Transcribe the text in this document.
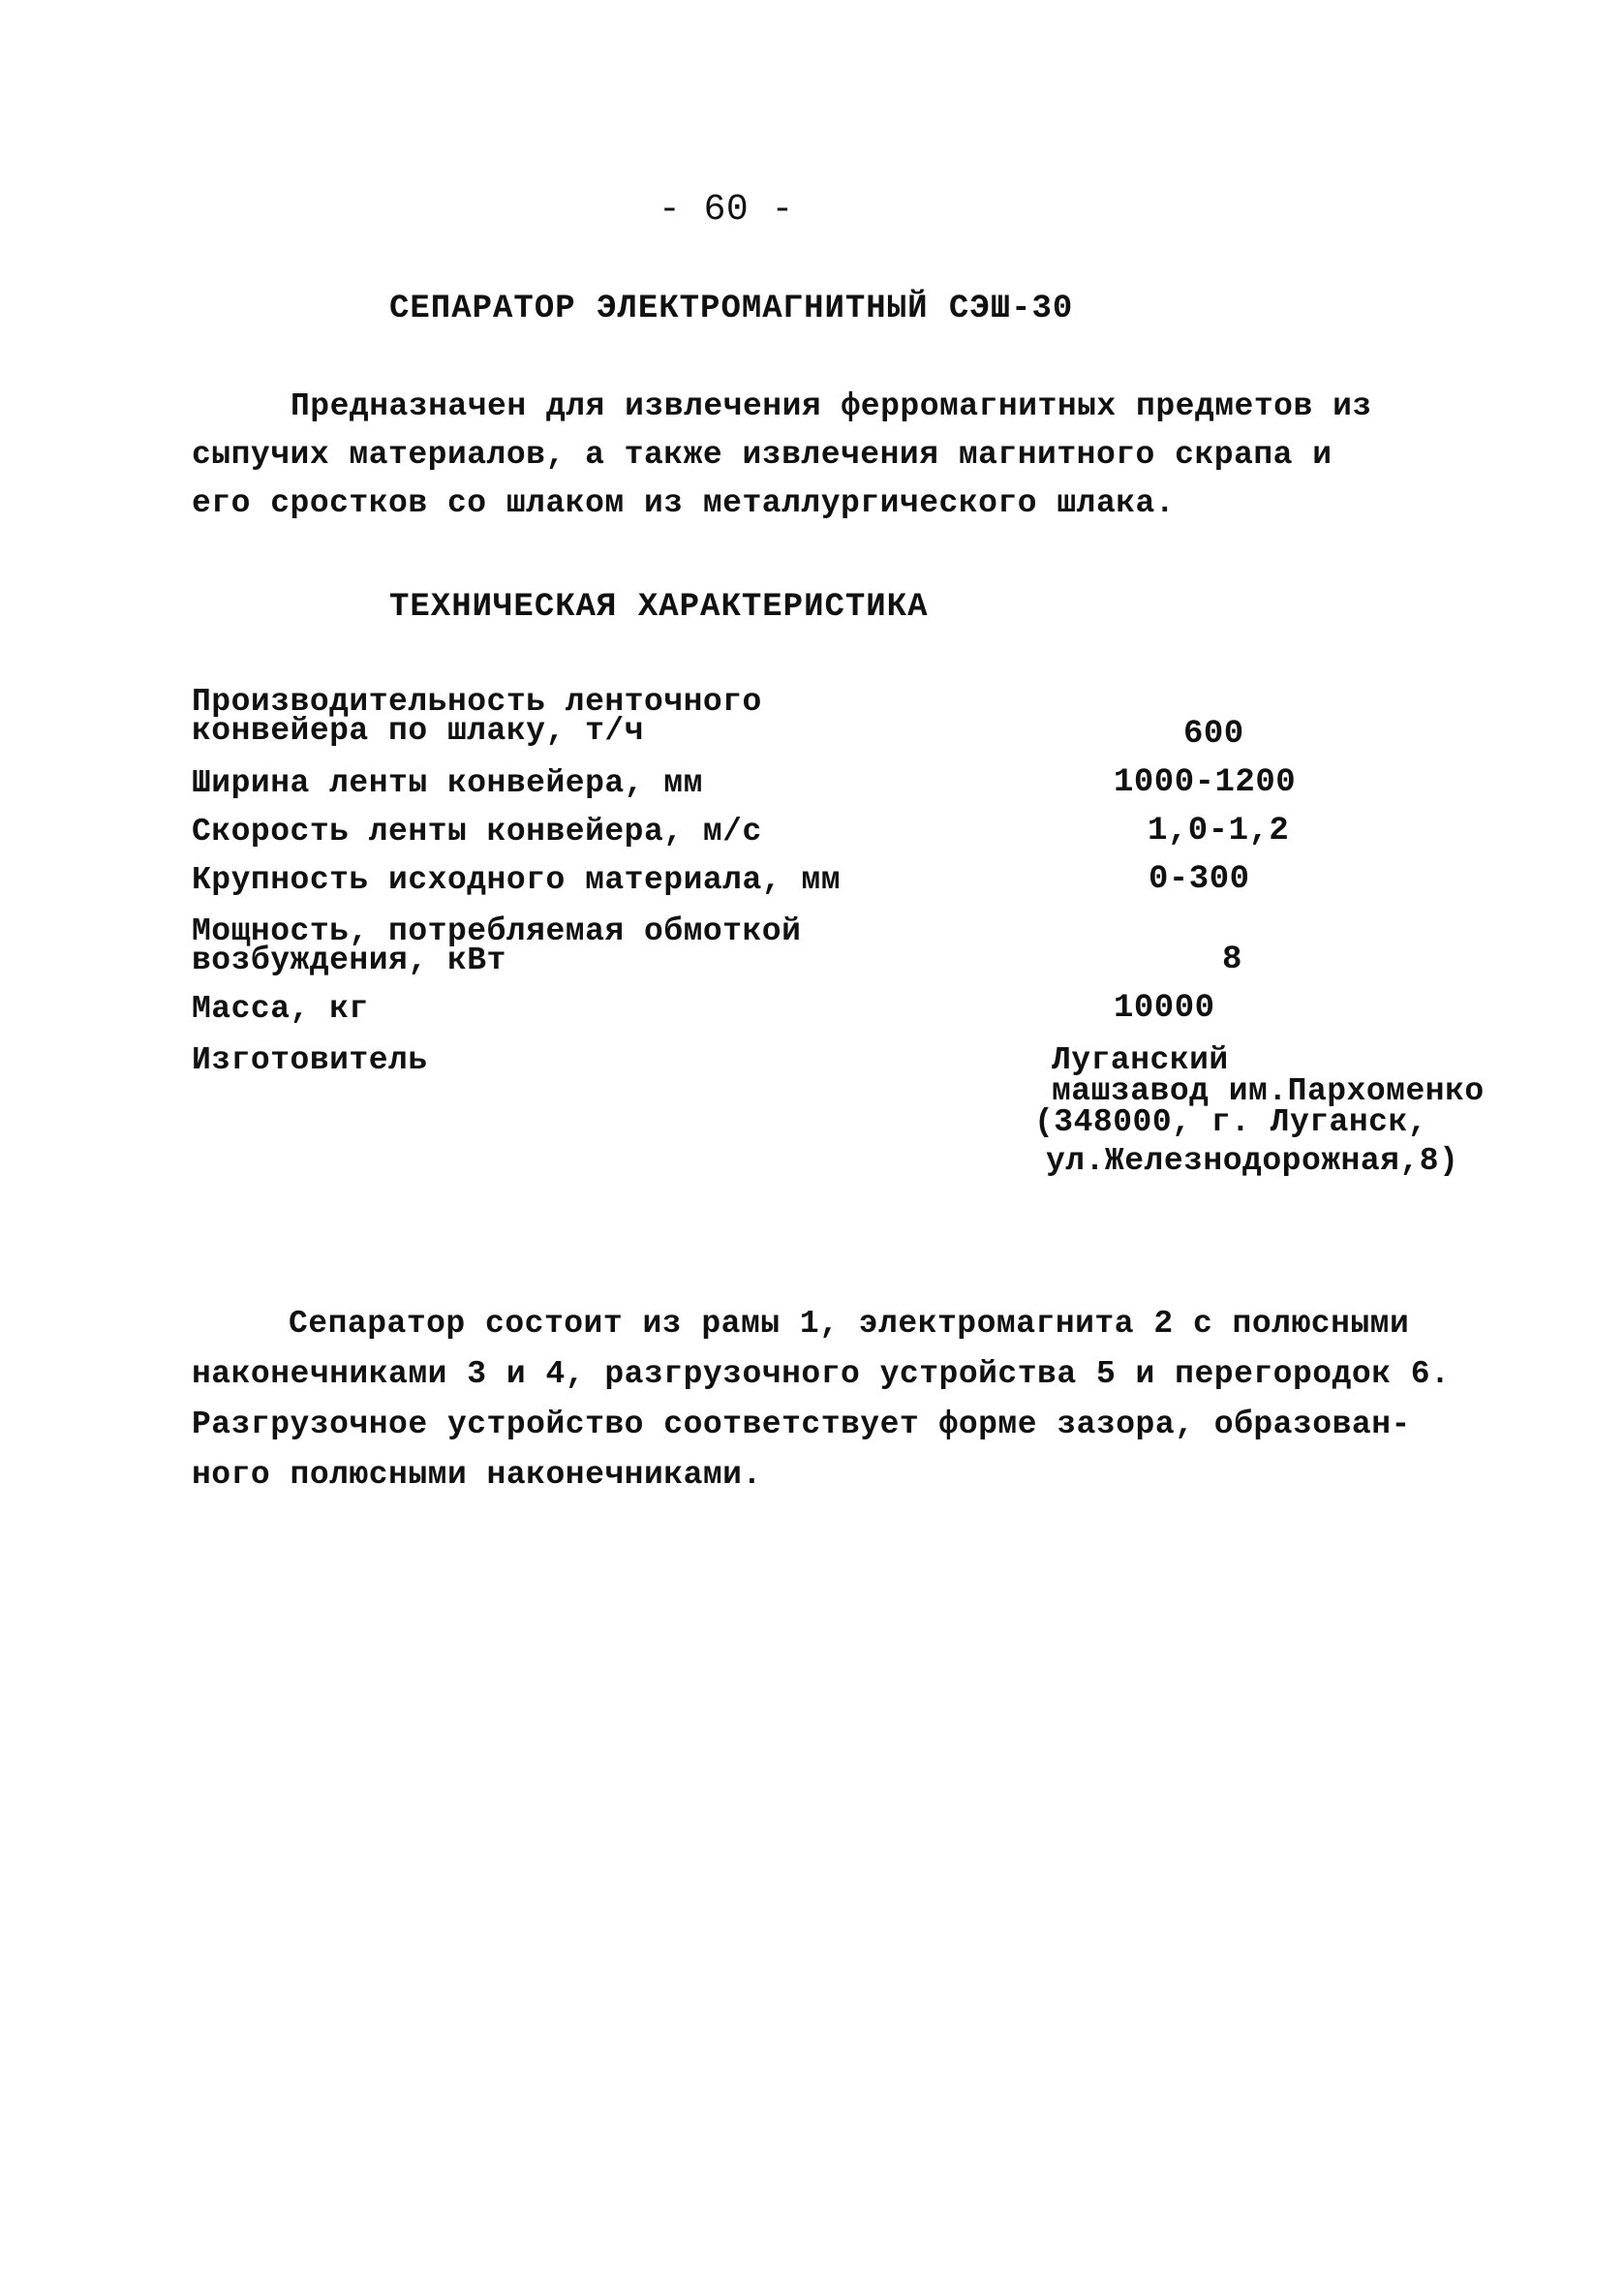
- 60 -
СЕПАРАТОР ЭЛЕКТРОМАГНИТНЫЙ СЭШ-30
Предназначен для извлечения ферромагнитных предметов из
сыпучих материалов, а также извлечения магнитного скрапа и
его сростков со шлаком из металлургического шлака.
ТЕХНИЧЕСКАЯ ХАРАКТЕРИСТИКА
Производительность ленточного
конвейера по шлаку, т/ч	600
Ширина ленты конвейера, мм	1000-1200
Скорость ленты конвейера, м/с	1,0-1,2
Крупность исходного материала, мм	0-300
Мощность, потребляемая обмоткой
возбуждения, кВт	8
Масса, кг	10000
Изготовитель	Луганский
машзавод им.Пархоменко
(348000, г. Луганск,
ул.Железнодорожная,8)
Сепаратор состоит из рамы 1, электромагнита 2 с полюсными
наконечниками 3 и 4, разгрузочного устройства 5 и перегородок 6.
Разгрузочное устройство соответствует форме зазора, образован-
ного полюсными наконечниками.
